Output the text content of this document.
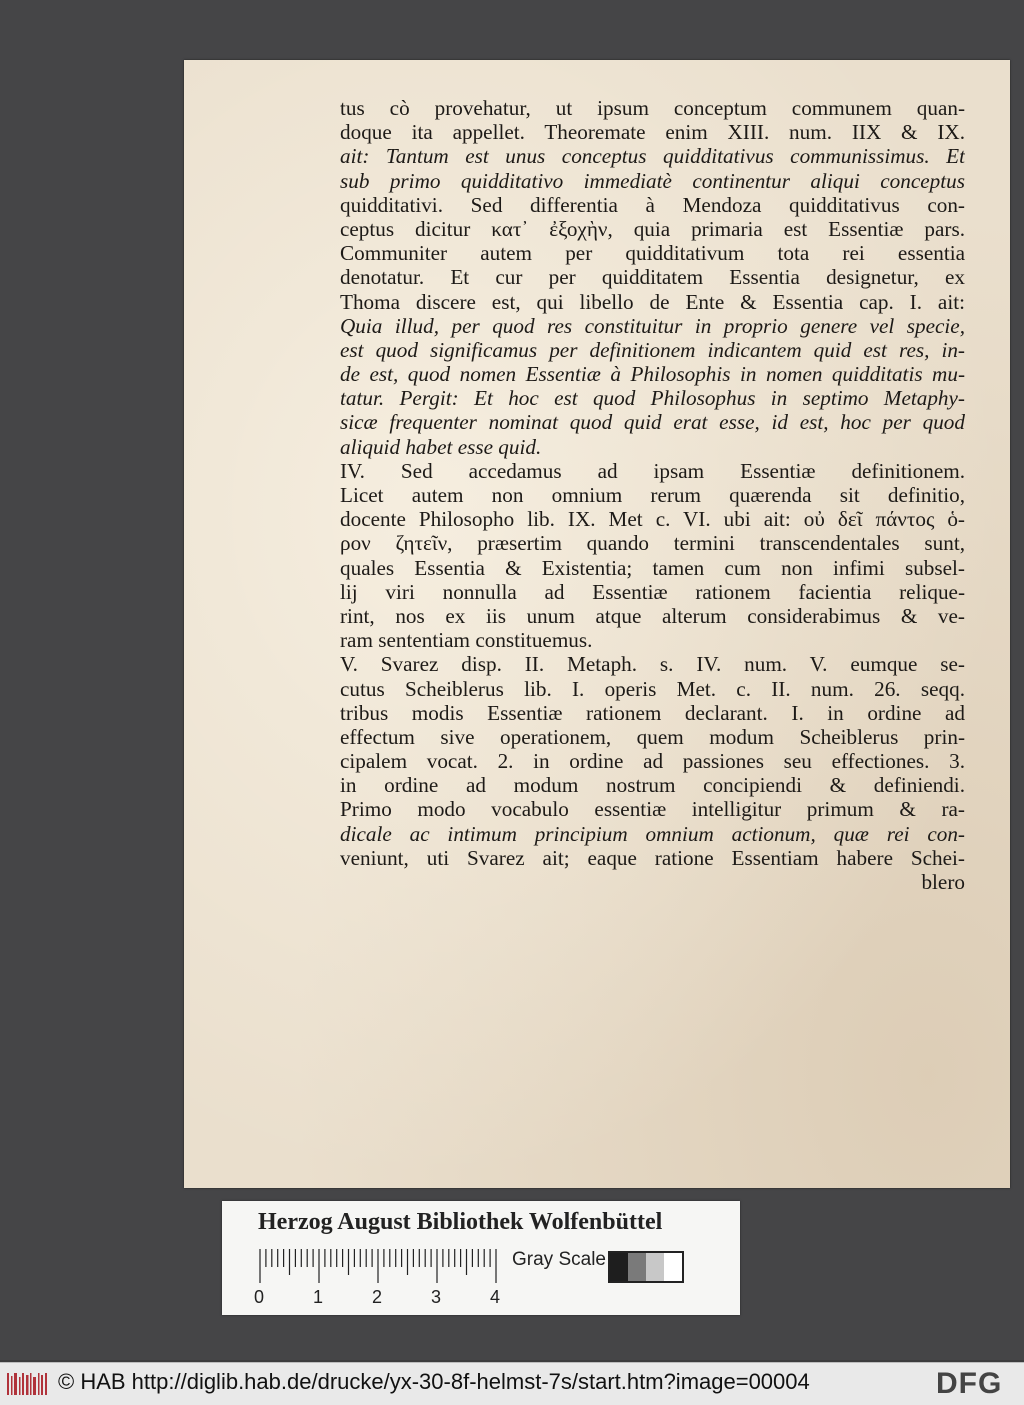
tus cò provehatur, ut ipsum conceptum communem quan-
doque ita appellet. Theoremate enim XIII. num. IIX & IX.
ait: Tantum est unus conceptus quidditativus communissimus. Et
sub primo quidditativo immediatè continentur aliqui conceptus
quidditativi. Sed differentia à Mendoza quidditativus con-
ceptus dicitur κατ᾽ ἐξοχὴν, quia primaria est Essentiæ pars.
Communiter autem per quidditativum tota rei essentia
denotatur. Et cur per quidditatem Essentia designetur, ex
Thoma discere est, qui libello de Ente & Essentia cap. I. ait:
Quia illud, per quod res constituitur in proprio genere vel specie,
est quod significamus per definitionem indicantem quid est res, in-
de est, quod nomen Essentiæ à Philosophis in nomen quidditatis mu-
tatur. Pergit: Et hoc est quod Philosophus in septimo Metaphy-
sicæ frequenter nominat quod quid erat esse, id est, hoc per quod
aliquid habet esse quid.
IV. Sed accedamus ad ipsam Essentiæ definitionem.
Licet autem non omnium rerum quærenda sit definitio,
docente Philosopho lib. IX. Met c. VI. ubi ait: οὐ δεῖ πάντος ὁ-
ρον ζητεῖν, præsertim quando termini transcendentales sunt,
quales Essentia & Existentia; tamen cum non infimi subsel-
lij viri nonnulla ad Essentiæ rationem facientia relique-
rint, nos ex iis unum atque alterum considerabimus & ve-
ram sententiam constituemus.
V. Svarez disp. II. Metaph. s. IV. num. V. eumque se-
cutus Scheiblerus lib. I. operis Met. c. II. num. 26. seqq.
tribus modis Essentiæ rationem declarant. I. in ordine ad
effectum sive operationem, quem modum Scheiblerus prin-
cipalem vocat. 2. in ordine ad passiones seu effectiones. 3.
in ordine ad modum nostrum concipiendi & definiendi.
Primo modo vocabulo essentiæ intelligitur primum & ra-
dicale ac intimum principium omnium actionum, quæ rei con-
veniunt, uti Svarez ait; eaque ratione Essentiam habere Schei-
blero
Herzog August Bibliothek Wolfenbüttel
Gray Scale
0	1	2	3	4
© HAB http://diglib.hab.de/drucke/yx-30-8f-helmst-7s/start.htm?image=00004	DFG
